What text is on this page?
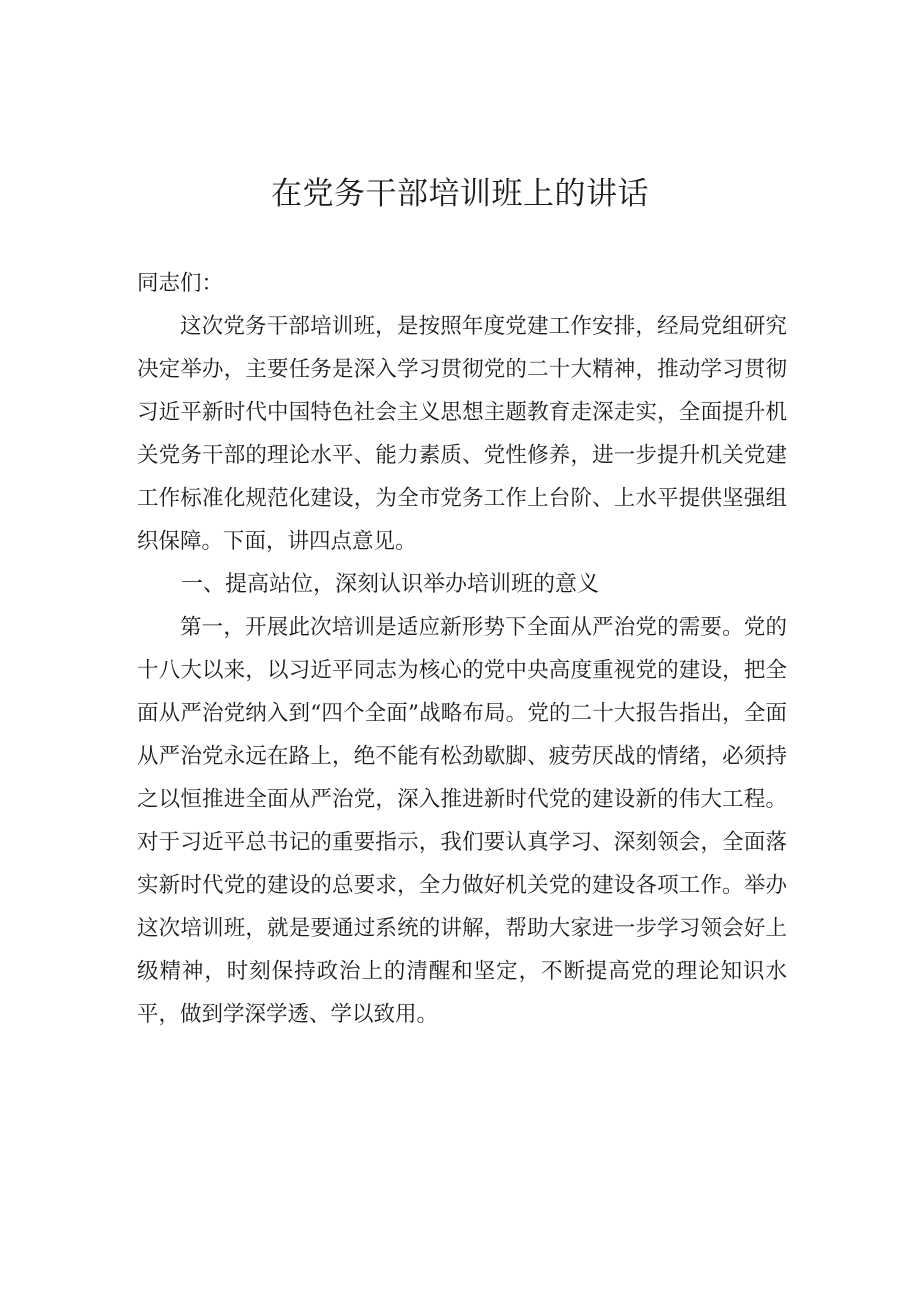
在党务干部培训班上的讲话

同志们：

这次党务干部培训班，是按照年度党建工作安排，经局党组研究决定举办，主要任务是深入学习贯彻党的二十大精神，推动学习贯彻习近平新时代中国特色社会主义思想主题教育走深走实，全面提升机关党务干部的理论水平、能力素质、党性修养，进一步提升机关党建工作标准化规范化建设，为全市党务工作上台阶、上水平提供坚强组织保障。下面，讲四点意见。

一、提高站位，深刻认识举办培训班的意义

第一，开展此次培训是适应新形势下全面从严治党的需要。党的十八大以来，以习近平同志为核心的党中央高度重视党的建设，把全面从严治党纳入到“四个全面”战略布局。党的二十大报告指出，全面从严治党永远在路上，绝不能有松劲歇脚、疲劳厌战的情绪，必须持之以恒推进全面从严治党，深入推进新时代党的建设新的伟大工程。对于习近平总书记的重要指示，我们要认真学习、深刻领会，全面落实新时代党的建设的总要求，全力做好机关党的建设各项工作。举办这次培训班，就是要通过系统的讲解，帮助大家进一步学习领会好上级精神，时刻保持政治上的清醒和坚定，不断提高党的理论知识水平，做到学深学透、学以致用。
